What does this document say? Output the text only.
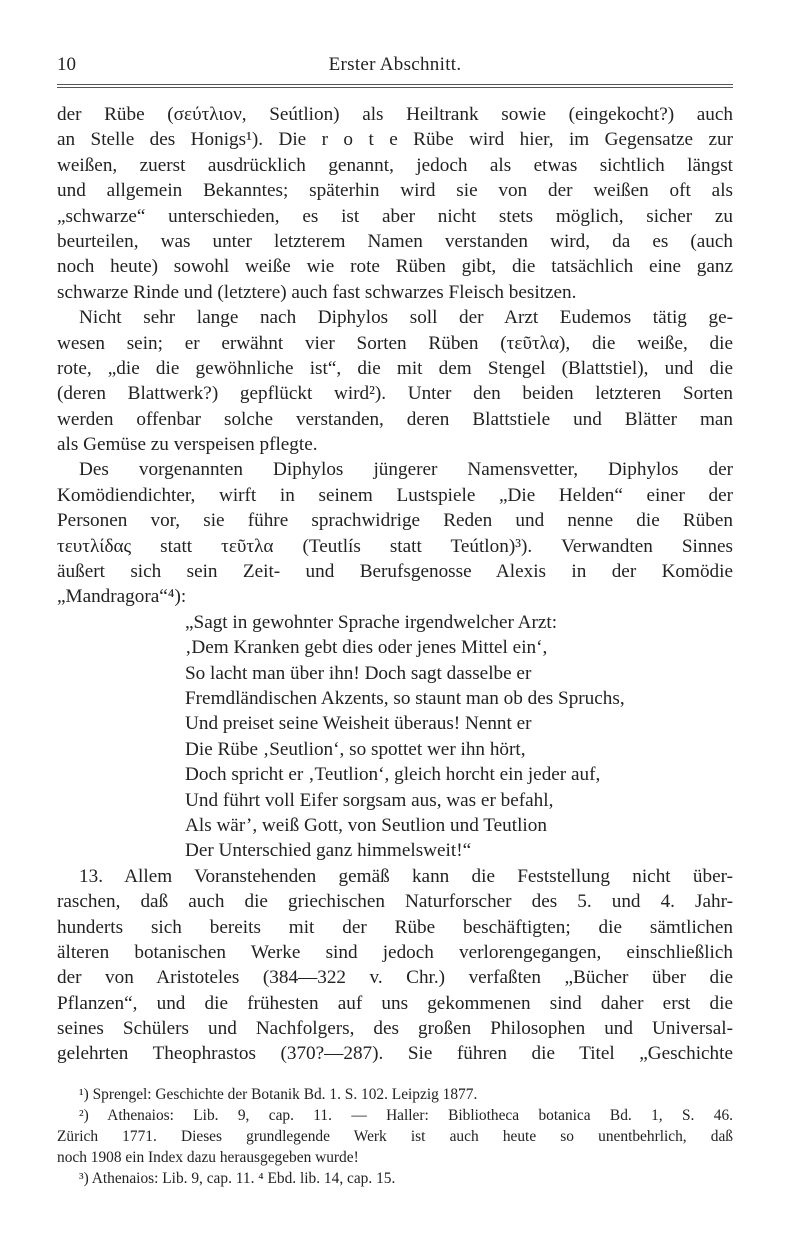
10	Erster Abschnitt.
der Rübe (σεύτλιον, Seútlion) als Heiltrank sowie (eingekocht?) auch
an Stelle des Honigs¹). Die r o t e Rübe wird hier, im Gegensatze zur
weißen, zuerst ausdrücklich genannt, jedoch als etwas sichtlich längst
und allgemein Bekanntes; späterhin wird sie von der weißen oft als
„schwarze“ unterschieden, es ist aber nicht stets möglich, sicher zu
beurteilen, was unter letzterem Namen verstanden wird, da es (auch
noch heute) sowohl weiße wie rote Rüben gibt, die tatsächlich eine ganz
schwarze Rinde und (letztere) auch fast schwarzes Fleisch besitzen.
Nicht sehr lange nach Diphylos soll der Arzt Eudemos tätig ge-
wesen sein; er erwähnt vier Sorten Rüben (τεῦτλα), die weiße, die
rote, „die die gewöhnliche ist“, die mit dem Stengel (Blattstiel), und die
(deren Blattwerk?) gepflückt wird²). Unter den beiden letzteren Sorten
werden offenbar solche verstanden, deren Blattstiele und Blätter man
als Gemüse zu verspeisen pflegte.
Des vorgenannten Diphylos jüngerer Namensvetter, Diphylos der
Komödiendichter, wirft in seinem Lustspiele „Die Helden“ einer der
Personen vor, sie führe sprachwidrige Reden und nenne die Rüben
τευτλίδας statt τεῦτλα (Teutlís statt Teútlon)³). Verwandten Sinnes
äußert sich sein Zeit- und Berufsgenosse Alexis in der Komödie
„Mandragora“⁴):
„Sagt in gewohnter Sprache irgendwelcher Arzt:
‚Dem Kranken gebt dies oder jenes Mittel ein‘,
So lacht man über ihn! Doch sagt dasselbe er
Fremdländischen Akzents, so staunt man ob des Spruchs,
Und preiset seine Weisheit überaus! Nennt er
Die Rübe ‚Seutlion‘, so spottet wer ihn hört,
Doch spricht er ‚Teutlion‘, gleich horcht ein jeder auf,
Und führt voll Eifer sorgsam aus, was er befahl,
Als wär’, weiß Gott, von Seutlion und Teutlion
Der Unterschied ganz himmelsweit!“
13. Allem Voranstehenden gemäß kann die Feststellung nicht über-
raschen, daß auch die griechischen Naturforscher des 5. und 4. Jahr-
hunderts sich bereits mit der Rübe beschäftigten; die sämtlichen
älteren botanischen Werke sind jedoch verlorengegangen, einschließlich
der von Aristoteles (384—322 v. Chr.) verfaßten „Bücher über die
Pflanzen“, und die frühesten auf uns gekommenen sind daher erst die
seines Schülers und Nachfolgers, des großen Philosophen und Universal-
gelehrten Theophrastos (370?—287). Sie führen die Titel „Geschichte
¹) Sprengel: Geschichte der Botanik Bd. 1. S. 102. Leipzig 1877.
²) Athenaios: Lib. 9, cap. 11. — Haller: Bibliotheca botanica Bd. 1, S. 46.
Zürich 1771. Dieses grundlegende Werk ist auch heute so unentbehrlich, daß
noch 1908 ein Index dazu herausgegeben wurde!
³) Athenaios: Lib. 9, cap. 11. ⁴ Ebd. lib. 14, cap. 15.
